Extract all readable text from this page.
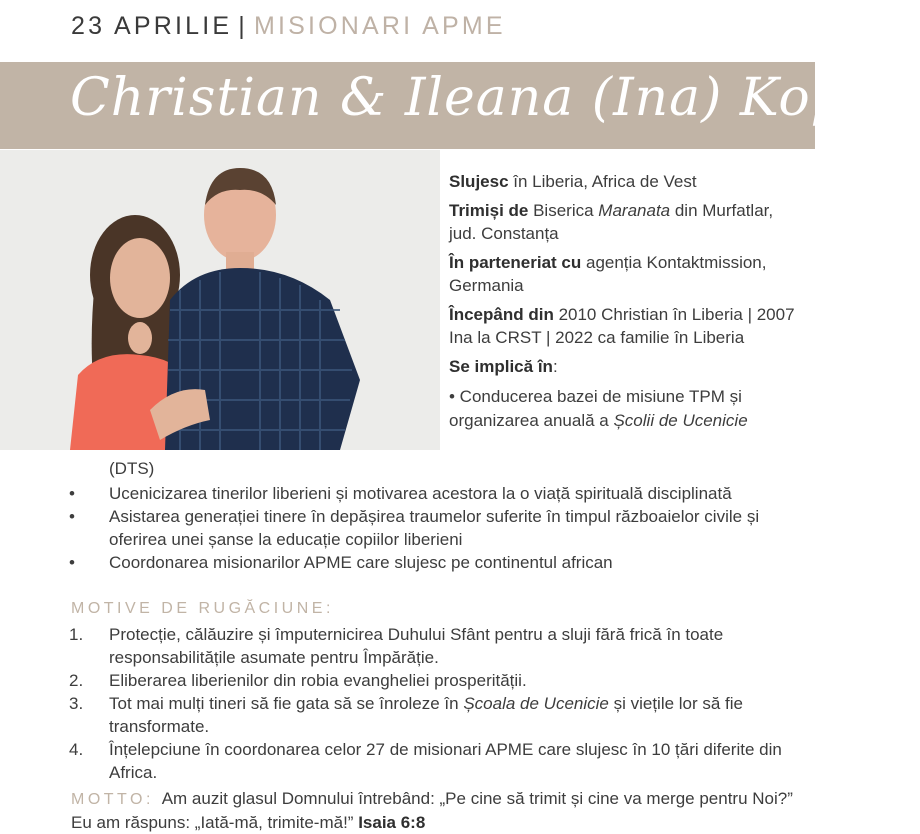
23 APRILIE | MISIONARI APME
Christian & Ileana (Ina) Kopjar

Slujesc în Liberia, Africa de Vest

Trimiși de Biserica Maranata din Murfatlar, jud. Constanța

În parteneriat cu agenția Kontaktmission, Germania

Începând din 2010 Christian în Liberia | 2007 Ina la CRST | 2022 ca familie în Liberia

Se implică în:

• Conducerea bazei de misiune TPM și organizarea anuală a Școlii de Ucenicie

(DTS)
• Ucenicizarea tinerilor liberieni și motivarea acestora la o viață spirituală disciplinată
• Asistarea generației tinere în depășirea traumelor suferite în timpul războaielor civile și oferirea unei șanse la educație copiilor liberieni
• Coordonarea misionarilor APME care slujesc pe continentul african
MOTIVE DE RUGĂCIUNE:
1. Protecție, călăuzire și împuternicirea Duhului Sfânt pentru a sluji fără frică în toate responsabilitățile asumate pentru Împărăție.
2. Eliberarea liberienilor din robia evangheliei prosperității.
3. Tot mai mulți tineri să fie gata să se înroleze în Școala de Ucenicie și viețile lor să fie transformate.
4. Înțelepciune în coordonarea celor 27 de misionari APME care slujesc în 10 țări diferite din Africa.
MOTTO: Am auzit glasul Domnului întrebând: „Pe cine să trimit și cine va merge pentru Noi?” Eu am răspuns: „Iată-mă, trimite-mă!” Isaia 6:8
